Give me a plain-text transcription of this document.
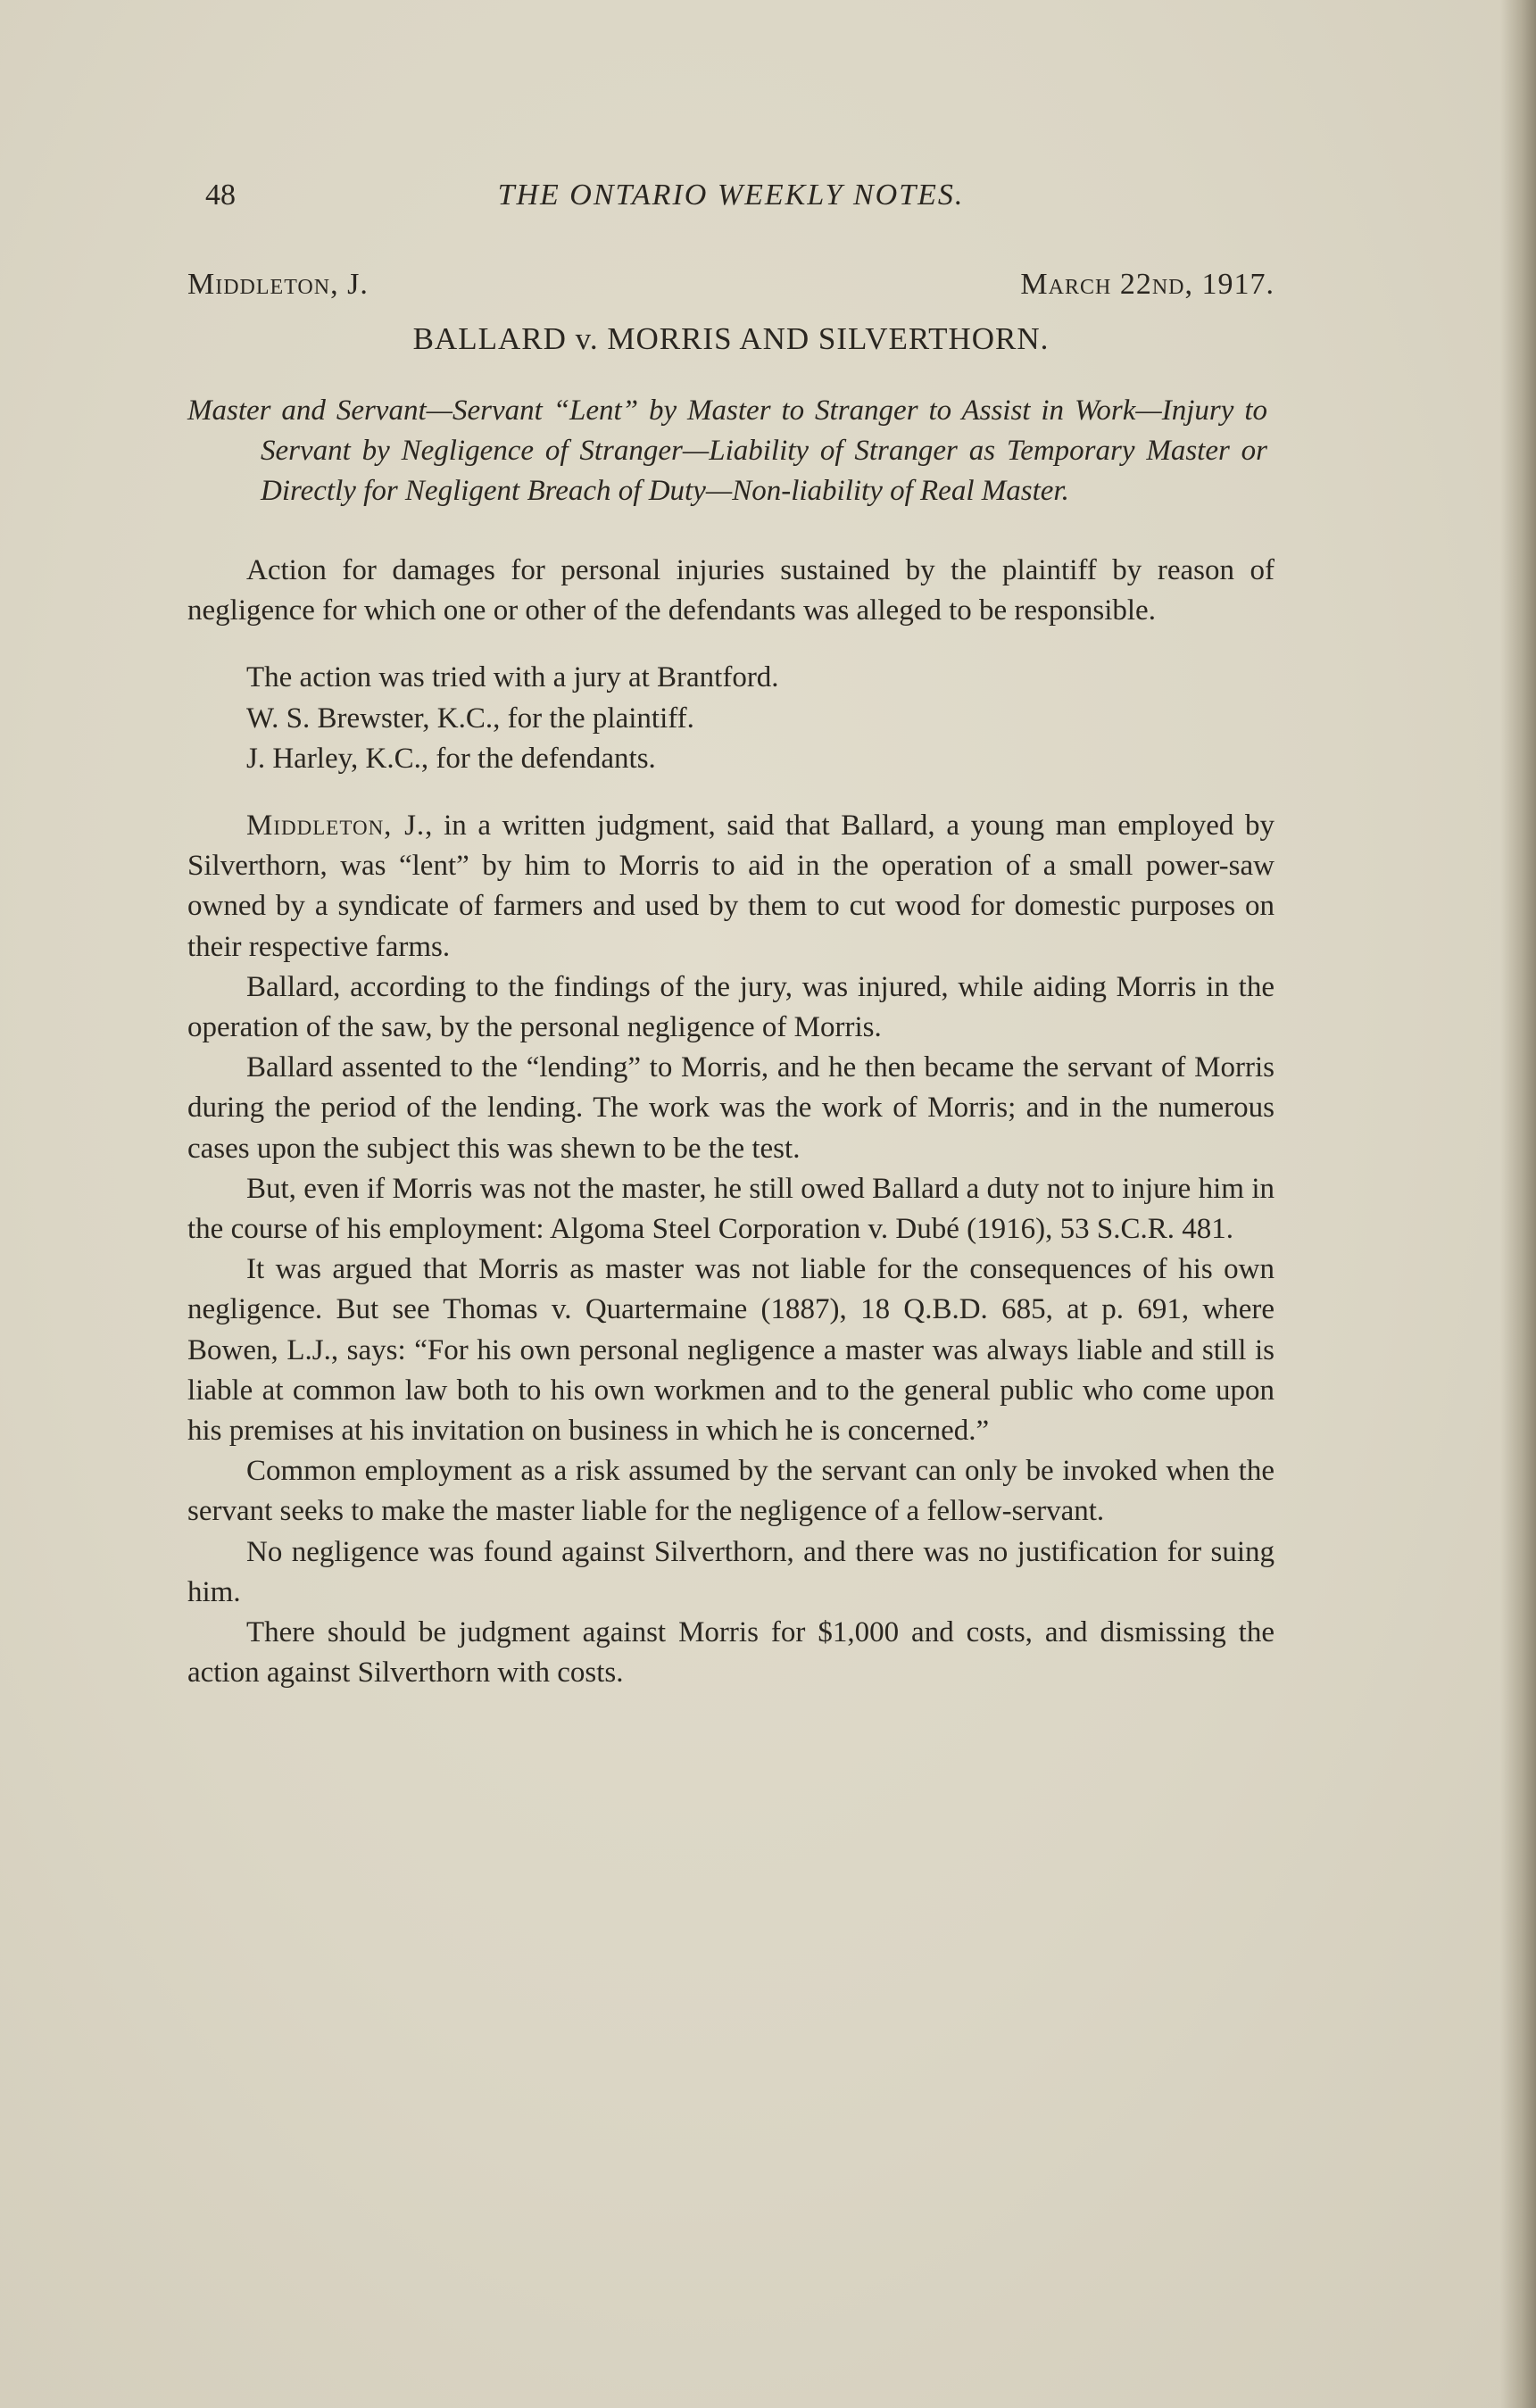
48	THE ONTARIO WEEKLY NOTES.
Middleton, J.	March 22nd, 1917.
BALLARD v. MORRIS AND SILVERTHORN.
Master and Servant—Servant “Lent” by Master to Stranger to Assist in Work—Injury to Servant by Negligence of Stranger—Liability of Stranger as Temporary Master or Directly for Negligent Breach of Duty—Non-liability of Real Master.

Action for damages for personal injuries sustained by the plaintiff by reason of negligence for which one or other of the defendants was alleged to be responsible.

The action was tried with a jury at Brantford.

W. S. Brewster, K.C., for the plaintiff.

J. Harley, K.C., for the defendants.

Middleton, J., in a written judgment, said that Ballard, a young man employed by Silverthorn, was “lent” by him to Morris to aid in the operation of a small power-saw owned by a syndicate of farmers and used by them to cut wood for domestic purposes on their respective farms.

Ballard, according to the findings of the jury, was injured, while aiding Morris in the operation of the saw, by the personal negligence of Morris.

Ballard assented to the “lending” to Morris, and he then became the servant of Morris during the period of the lending. The work was the work of Morris; and in the numerous cases upon the subject this was shewn to be the test.

But, even if Morris was not the master, he still owed Ballard a duty not to injure him in the course of his employment: Algoma Steel Corporation v. Dubé (1916), 53 S.C.R. 481.

It was argued that Morris as master was not liable for the consequences of his own negligence. But see Thomas v. Quartermaine (1887), 18 Q.B.D. 685, at p. 691, where Bowen, L.J., says: “For his own personal negligence a master was always liable and still is liable at common law both to his own workmen and to the general public who come upon his premises at his invitation on business in which he is concerned.”

Common employment as a risk assumed by the servant can only be invoked when the servant seeks to make the master liable for the negligence of a fellow-servant.

No negligence was found against Silverthorn, and there was no justification for suing him.

There should be judgment against Morris for $1,000 and costs, and dismissing the action against Silverthorn with costs.
